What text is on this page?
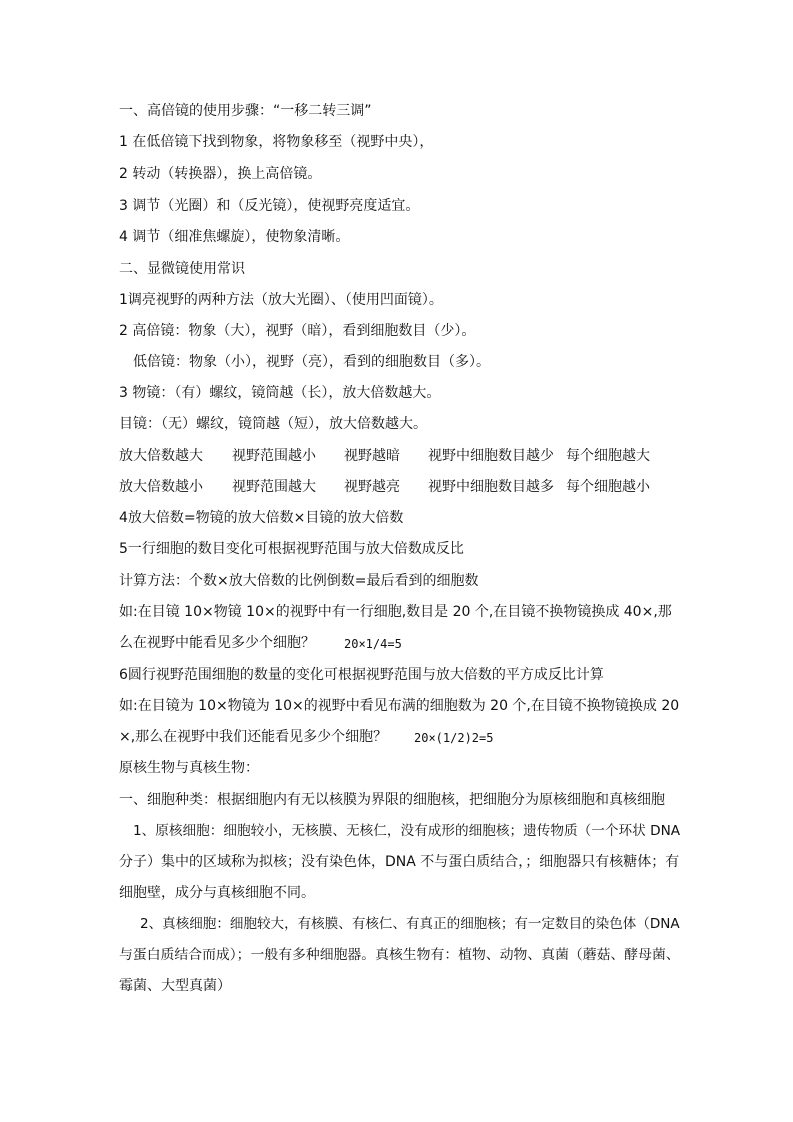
一、高倍镜的使用步骤：“一移二转三调”
1 在低倍镜下找到物象，将物象移至（视野中央），
2 转动（转换器），换上高倍镜。
3 调节（光圈）和（反光镜），使视野亮度适宜。
4 调节（细准焦螺旋），使物象清晰。
二、显微镜使用常识
1调亮视野的两种方法（放大光圈）、（使用凹面镜）。
2 高倍镜：物象（大），视野（暗），看到细胞数目（少）。
低倍镜：物象（小），视野（亮），看到的细胞数目（多）。
3 物镜：（有）螺纹，镜筒越（长），放大倍数越大。
目镜：（无）螺纹，镜筒越（短），放大倍数越大。
放大倍数越大 视野范围越小 视野越暗 视野中细胞数目越少 每个细胞越大
放大倍数越小 视野范围越大 视野越亮 视野中细胞数目越多 每个细胞越小
4放大倍数=物镜的放大倍数×目镜的放大倍数
5一行细胞的数目变化可根据视野范围与放大倍数成反比
计算方法：个数×放大倍数的比例倒数=最后看到的细胞数
如:在目镜 10×物镜 10×的视野中有一行细胞,数目是 20 个,在目镜不换物镜换成 40×,那
么在视野中能看见多少个细胞？ 20×1/4=5
6圆行视野范围细胞的数量的变化可根据视野范围与放大倍数的平方成反比计算
如:在目镜为 10×物镜为 10×的视野中看见布满的细胞数为 20 个,在目镜不换物镜换成 20
×,那么在视野中我们还能看见多少个细胞？ 20×(1/2)2=5
原核生物与真核生物：
一、细胞种类：根据细胞内有无以核膜为界限的细胞核，把细胞分为原核细胞和真核细胞
1、原核细胞：细胞较小，无核膜、无核仁，没有成形的细胞核；遗传物质（一个环状 DNA
分子）集中的区域称为拟核；没有染色体，DNA 不与蛋白质结合，；细胞器只有核糖体；有
细胞壁，成分与真核细胞不同。
2、真核细胞：细胞较大，有核膜、有核仁、有真正的细胞核；有一定数目的染色体（DNA
与蛋白质结合而成）；一般有多种细胞器。真核生物有：植物、动物、真菌（蘑菇、酵母菌、
霉菌、大型真菌）
